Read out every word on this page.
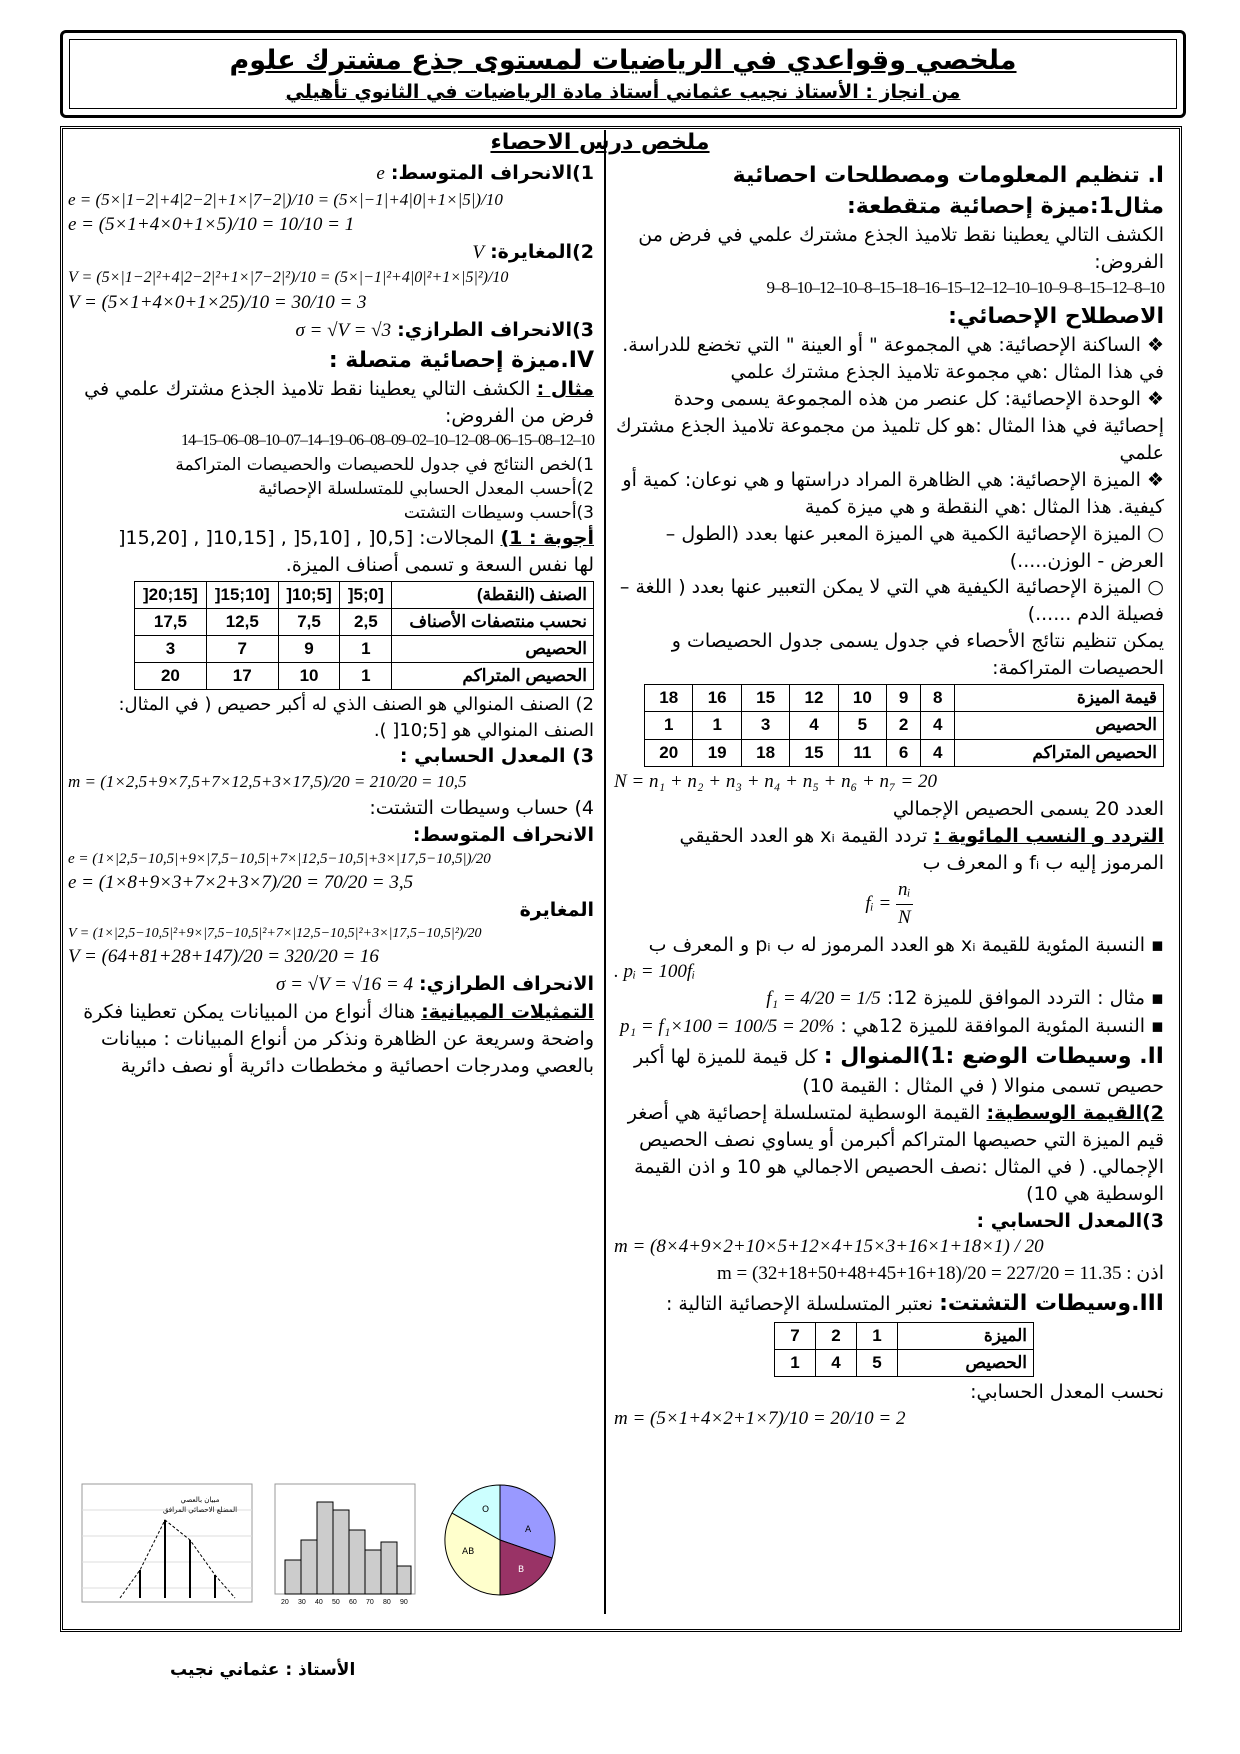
ملخصي وقواعدي في الرياضيات لمستوى جذع مشترك علوم
من انجاز : الأستاذ نجيب عثماني أستاذ مادة الرياضيات في الثانوي تأهيلي
ملخص درس الاحصاء
I. تنظيم المعلومات ومصطلحات احصائية
مثال1:ميزة إحصائية متقطعة:
الكشف التالي يعطينا نقط تلاميذ الجذع مشترك علمي في فرض من الفروض:
9–8–10–12–10–8–15–18–16–15–12–12–10–10–9–8–15–12–8–10
الاصطلاح الإحصائي:
❖ الساكنة الإحصائية: هي المجموعة " أو العينة " التي تخضع للدراسة. في هذا المثال :هي مجموعة تلاميذ الجذع مشترك علمي
❖ الوحدة الإحصائية: كل عنصر من هذه المجموعة يسمى وحدة إحصائية في هذا المثال :هو كل تلميذ من مجموعة تلاميذ الجذع مشترك علمي
❖ الميزة الإحصائية: هي الظاهرة المراد دراستها و هي نوعان: كمية أو كيفية. هذا المثال :هي النقطة و هي ميزة كمية
○ الميزة الإحصائية الكمية هي الميزة المعبر عنها بعدد (الطول – العرض - الوزن.....)
○ الميزة الإحصائية الكيفية هي التي لا يمكن التعبير عنها بعدد ( اللغة – فصيلة الدم ......)
يمكن تنظيم نتائج الأحصاء في جدول يسمى جدول الحصيصات و الحصيصات المتراكمة:
قيمة الميزة	8	9	10	12	15	16	18
الحصيص	4	2	5	4	3	1	1
الحصيص المتراكم	4	6	11	15	18	19	20
N = n₁ + n₂ + n₃ + n₄ + n₅ + n₆ + n₇ = 20
العدد 20 يسمى الحصيص الإجمالي
التردد و النسب المائوية : تردد القيمة xᵢ هو العدد الحقيقي المرموز إليه ب fᵢ و المعرف ب
fᵢ = $\frac{\text{nᵢ}}{N}$
▪ النسبة المئوية للقيمة xᵢ هو العدد المرموز له ب pᵢ و المعرف ب
. pᵢ = 100fᵢ
▪ مثال : التردد الموافق للميزة 12: f₁ = 4/20 = 1/5
▪ النسبة المئوية الموافقة للميزة 12هي : p₁ = f₁×100 = 100/5 = 20%
II. وسيطات الوضع :1)المنوال : كل قيمة للميزة لها أكبر حصيص تسمى منوالا ( في المثال : القيمة 10)
2)القيمة الوسطية: القيمة الوسطية لمتسلسلة إحصائية هي أصغر قيم الميزة التي حصيصها المتراكم أكبرمن أو يساوي نصف الحصيص الإجمالي. ( في المثال :نصف الحصيص الاجمالي هو 10 و اذن القيمة الوسطية هي 10)
3)المعدل الحسابي :
m = (8×4+9×2+10×5+12×4+15×3+16×1+18×1) / 20
اذن : m = (32+18+50+48+45+16+18)/20 = 227/20 = 11.35
III.وسيطات التشتت: نعتبر المتسلسلة الإحصائية التالية :
الميزة	1	2	7
الحصيص	5	4	1
نحسب المعدل الحسابي:
m = (5×1+4×2+1×7)/10 = 20/10 = 2
1)الانحراف المتوسط: e
e = (5×|1−2|+4|2−2|+1×|7−2|)/10 = (5×|−1|+4|0|+1×|5|)/10
e = (5×1+4×0+1×5)/10 = 10/10 = 1
2)المغايرة: V
V = (5×|1−2|²+4|2−2|²+1×|7−2|²)/10 = (5×|−1|²+4|0|²+1×|5|²)/10
V = (5×1+4×0+1×25)/10 = 30/10 = 3
3)الانحراف الطرازي: σ = √V = √3
IV.ميزة إحصائية متصلة :
مثال : الكشف التالي يعطينا نقط تلاميذ الجذع مشترك علمي في فرض من الفروض:
14–15–06–08–10–07–14–19–06–08–09–02–10–12–08–06–15–08–12–10
1)لخص النتائج في جدول للحصيصات والحصيصات المتراكمة
2)أحسب المعدل الحسابي للمتسلسلة الإحصائية
3)أحسب وسيطات التشتت
أجوبة : 1) المجالات: [0,5[ , [5,10[ , [10,15[ , [15,20[
لها نفس السعة و تسمى أصناف الميزة.
الصنف (النقطة)	[0;5[	[5;10[	[10;15[	[15;20[
نحسب منتصفات الأصناف	2,5	7,5	12,5	17,5
الحصيص	1	9	7	3
الحصيص المتراكم	1	10	17	20
2) الصنف المنوالي هو الصنف الذي له أكبر حصيص ( في المثال: الصنف المنوالي هو [5;10[ ).
3) المعدل الحسابي :
m = (1×2,5+9×7,5+7×12,5+3×17,5)/20 = 210/20 = 10,5
4) حساب وسيطات التشتت:
الانحراف المتوسط:
e = (1×|2,5−10,5|+9×|7,5−10,5|+7×|12,5−10,5|+3×|17,5−10,5|)/20
e = (1×8+9×3+7×2+3×7)/20 = 70/20 = 3,5
المغايرة
V = (1×|2,5−10,5|²+9×|7,5−10,5|²+7×|12,5−10,5|²+3×|17,5−10,5|²)/20
V = (64+81+28+147)/20 = 320/20 = 16
الانحراف الطرازي: σ = √V = √16 = 4
التمثيلات المبيانية: هناك أنواع من المبيانات يمكن تعطينا فكرة واضحة وسريعة عن الظاهرة ونذكر من أنواع المبيانات : مبيانات بالعصي ومدرجات احصائية و مخططات دائرية أو نصف دائرية
مبيان بالعصي
المضلع الاحصائي المرافق
20 30 40 50 60 70 80 90
A
B
AB
O
الأستاذ : عثماني نجيب
